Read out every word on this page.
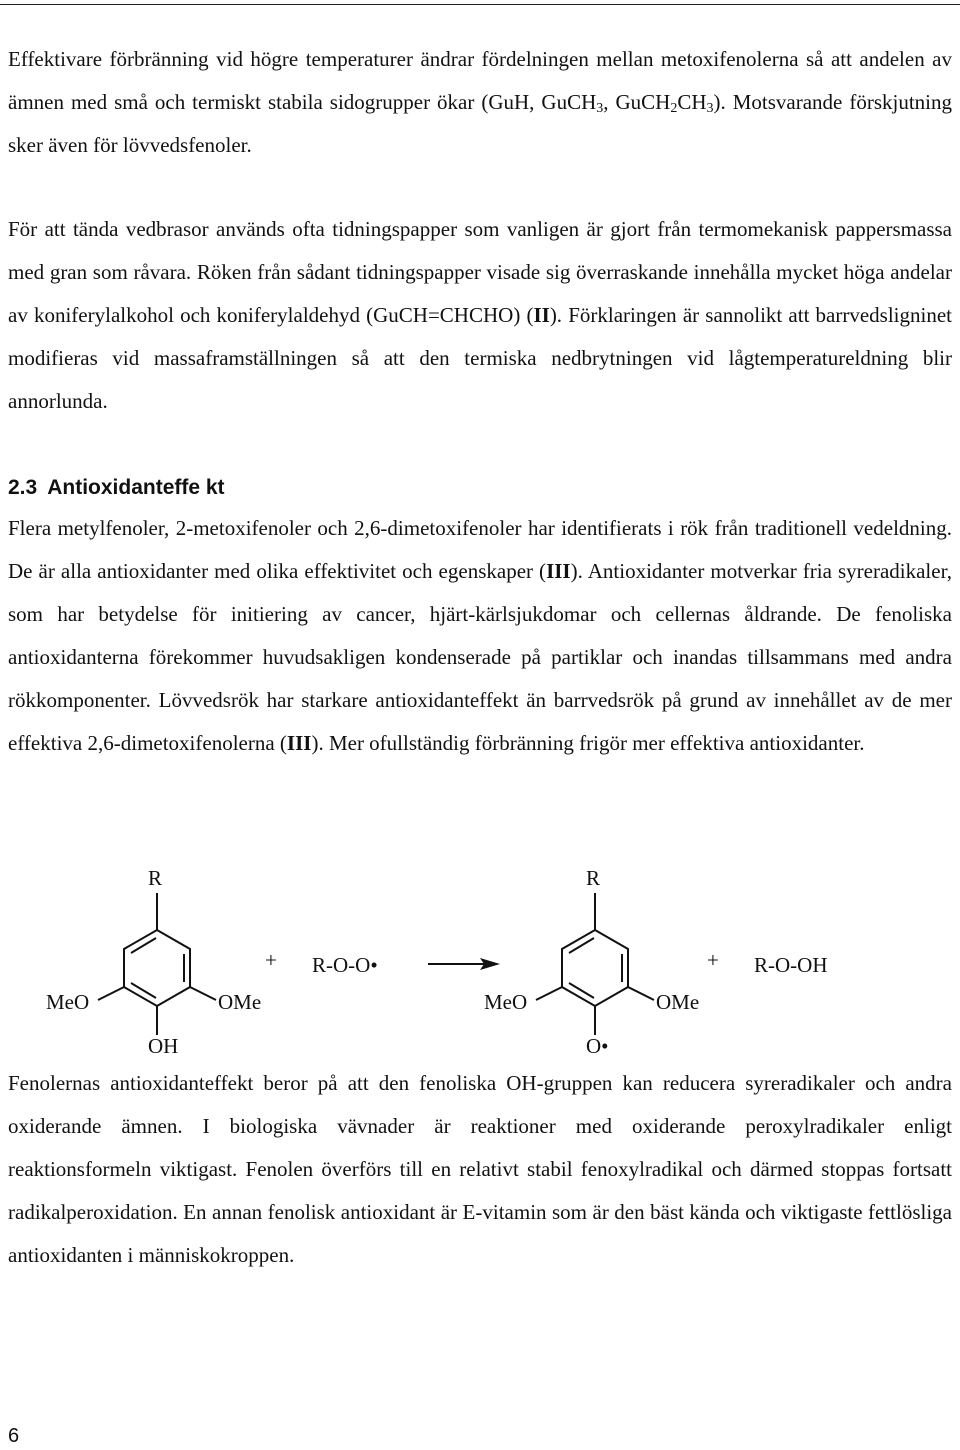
Effektivare förbränning vid högre temperaturer ändrar fördelningen mellan metoxifenolerna så att andelen av ämnen med små och termiskt stabila sidogrupper ökar (GuH, GuCH$_3$, $GuCH_2CH_3$). Motsvarande förskjutning sker även för lövvedsfenoler.

För att tända vedbrasor används ofta tidningspapper som vanligen är gjort från termomekanisk pappersmassa med gran som råvara. Röken från sådant tidningspapper visade sig överraskande innehålla mycket höga andelar av koniferylalkohol och koniferylaldehyd (GuCH=CHCHO) (II). Förklaringen är sannolikt att barrvedsligninet modifieras vid massaframställningen så att den termiska nedbrytningen vid lågtemperatureldning blir annorlunda.

2.3 Antioxidanteffe kt

Flera metylfenoler, 2-metoxifenoler och 2,6-dimetoxifenoler har identifierats i rök från traditionell vedeldning. De är alla antioxidanter med olika effektivitet och egenskaper (III). Antioxidanter motverkar fria syreradikaler, som har betydelse för initiering av cancer, hjärt-kärlsjukdomar och cellernas åldrande. De fenoliska antioxidanterna förekommer huvudsakligen kondenserade på partiklar och inandas tillsammans med andra rökkomponenter. Lövvedsrök har starkare antioxidanteffekt än barrvedsrök på grund av innehållet av de mer effektiva 2,6-dimetoxifenolerna (III). Mer ofullständig förbränning frigör mer effektiva antioxidanter.

R
MeO	OMe
OH
+ R-O-O•
R
MeO	OMe
O•
+ R-O-OH

Fenolernas antioxidanteffekt beror på att den fenoliska OH-gruppen kan reducera syreradikaler och andra oxiderande ämnen. I biologiska vävnader är reaktioner med oxiderande peroxylradikaler enligt reaktionsformeln viktigast. Fenolen överförs till en relativt stabil fenoxylradikal och därmed stoppas fortsatt radikalperoxidation. En annan fenolisk antioxidant är E-vitamin som är den bäst kända och viktigaste fettlösliga antioxidanten i människokroppen.

6
